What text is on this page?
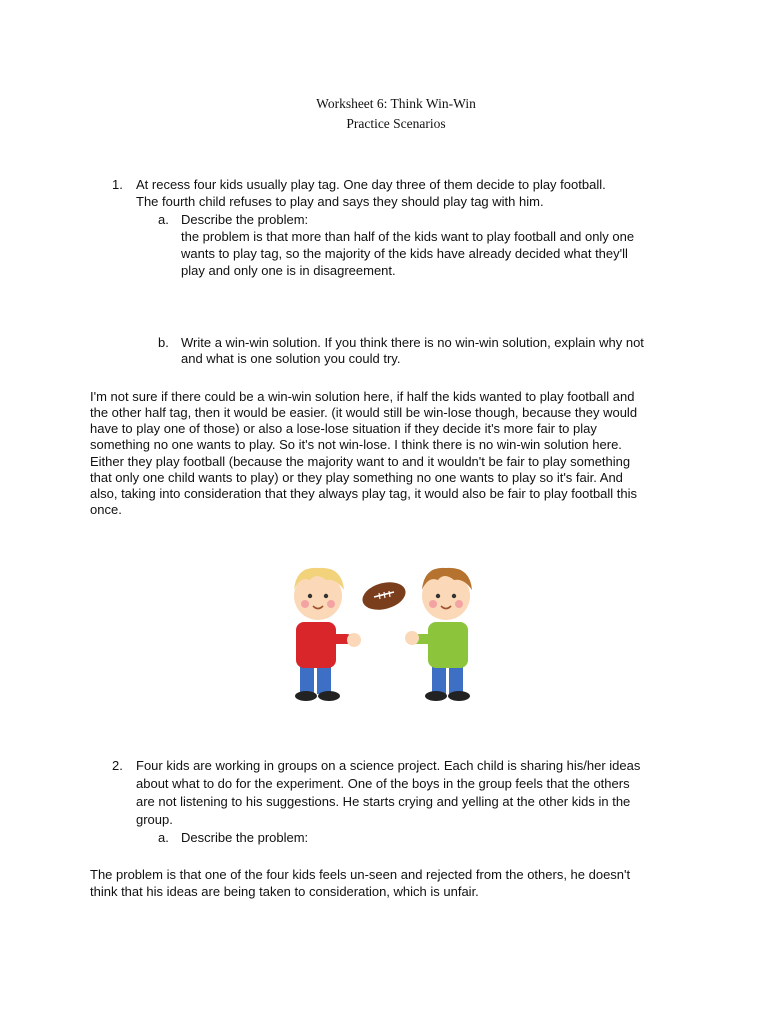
Worksheet 6: Think Win-Win
Practice Scenarios
1. At recess four kids usually play tag. One day three of them decide to play football.
The fourth child refuses to play and says they should play tag with him.
a. Describe the problem:
the problem is that more than half of the kids want to play football and only one
wants to play tag, so the majority of the kids have already decided what they'll
play and only one is in disagreement.
b. Write a win-win solution. If you think there is no win-win solution, explain why not
and what is one solution you could try.
I'm not sure if there could be a win-win solution here, if half the kids wanted to play football and
the other half tag, then it would be easier. (it would still be win-lose though, because they would
have to play one of those) or also a lose-lose situation if they decide it's more fair to play
something no one wants to play. So it's not win-lose. I think there is no win-win solution here.
Either they play football (because the majority want to and it wouldn't be fair to play something
that only one child wants to play) or they play something no one wants to play so it's fair. And
also, taking into consideration that they always play tag, it would also be fair to play football this
once.
2. Four kids are working in groups on a science project. Each child is sharing his/her ideas
about what to do for the experiment. One of the boys in the group feels that the others
are not listening to his suggestions. He starts crying and yelling at the other kids in the
group.
a. Describe the problem:
The problem is that one of the four kids feels un-seen and rejected from the others, he doesn't
think that his ideas are being taken to consideration, which is unfair.
